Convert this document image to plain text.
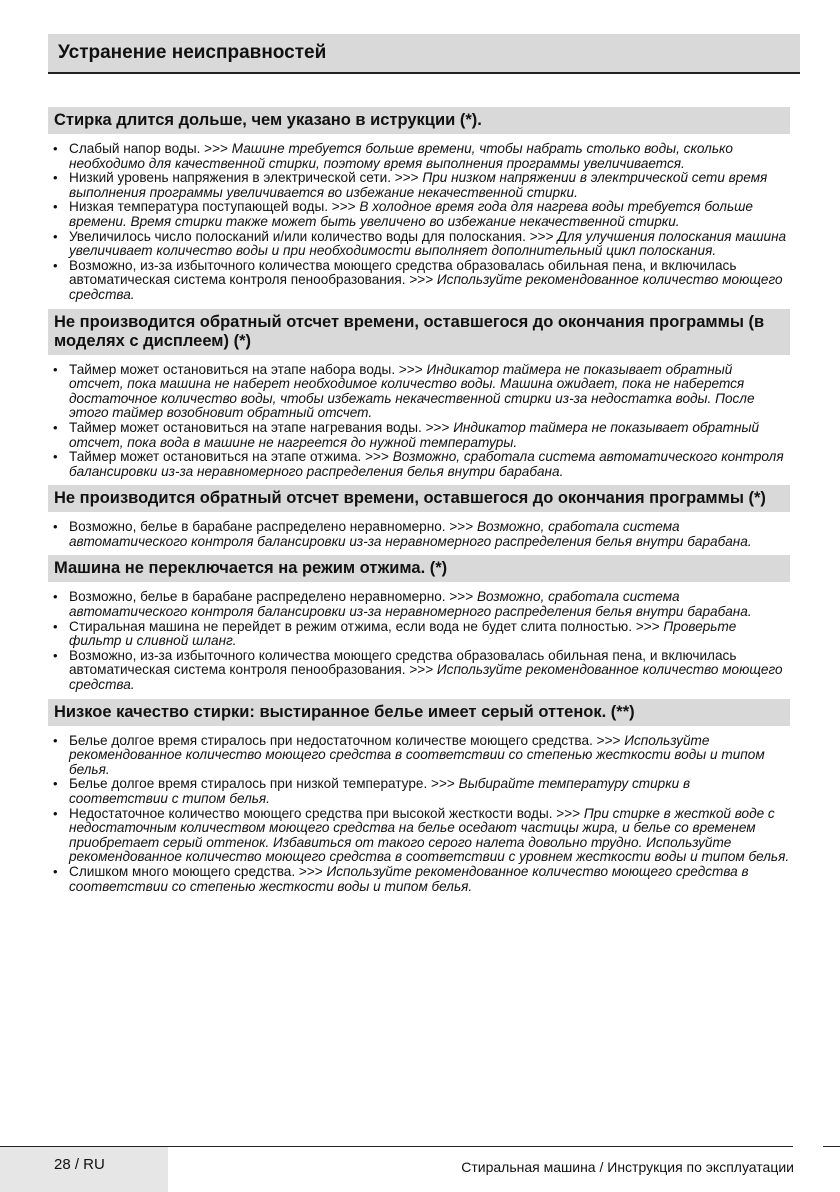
Устранение неисправностей
Стирка длится дольше, чем указано в иструкции (*).
• Слабый напор воды. >>> Машине требуется больше времени, чтобы набрать столько воды, сколько необходимо для качественной стирки, поэтому время выполнения программы увеличивается.
• Низкий уровень напряжения в электрической сети. >>> При низком напряжении в электрической сети время выполнения программы увеличивается во избежание некачественной стирки.
• Низкая температура поступающей воды. >>> В холодное время года для нагрева воды требуется больше времени. Время стирки также может быть увеличено во избежание некачественной стирки.
• Увеличилось число полосканий и/или количество воды для полоскания. >>> Для улучшения полоскания машина увеличивает количество воды и при необходимости выполняет дополнительный цикл полоскания.
• Возможно, из-за избыточного количества моющего средства образовалась обильная пена, и включилась автоматическая система контроля пенообразования. >>> Используйте рекомендованное количество моющего средства.
Не производится обратный отсчет времени, оставшегося до окончания программы (в моделях с дисплеем) (*)
• Таймер может остановиться на этапе набора воды. >>> Индикатор таймера не показывает обратный отсчет, пока машина не наберет необходимое количество воды. Машина ожидает, пока не наберется достаточное количество воды, чтобы избежать некачественной стирки из-за недостатка воды. После этого таймер возобновит обратный отсчет.
• Таймер может остановиться на этапе нагревания воды. >>> Индикатор таймера не показывает обратный отсчет, пока вода в машине не нагреется до нужной температуры.
• Таймер может остановиться на этапе отжима. >>> Возможно, сработала система автоматического контроля балансировки из-за неравномерного распределения белья внутри барабана.
Не производится обратный отсчет времени, оставшегося до окончания программы (*)
• Возможно, белье в барабане распределено неравномерно. >>> Возможно, сработала система автоматического контроля балансировки из-за неравномерного распределения белья внутри барабана.
Машина не переключается на режим отжима. (*)
• Возможно, белье в барабане распределено неравномерно. >>> Возможно, сработала система автоматического контроля балансировки из-за неравномерного распределения белья внутри барабана.
• Стиральная машина не перейдет в режим отжима, если вода не будет слита полностью. >>> Проверьте фильтр и сливной шланг.
• Возможно, из-за избыточного количества моющего средства образовалась обильная пена, и включилась автоматическая система контроля пенообразования. >>> Используйте рекомендованное количество моющего средства.
Низкое качество стирки: выстиранное белье имеет серый оттенок. (**)
• Белье долгое время стиралось при недостаточном количестве моющего средства. >>> Используйте рекомендованное количество моющего средства в соответствии со степенью жесткости воды и типом белья.
• Белье долгое время стиралось при низкой температуре. >>> Выбирайте температуру стирки в соответствии с типом белья.
• Недостаточное количество моющего средства при высокой жесткости воды. >>> При стирке в жесткой воде с недостаточным количеством моющего средства на белье оседают частицы жира, и белье со временем приобретает серый оттенок. Избавиться от такого серого налета довольно трудно. Используйте рекомендованное количество моющего средства в соответствии с уровнем жесткости воды и типом белья.
• Слишком много моющего средства. >>> Используйте рекомендованное количество моющего средства в соответствии со степенью жесткости воды и типом белья.
28 / RU	Стиральная машина / Инструкция по эксплуатации
